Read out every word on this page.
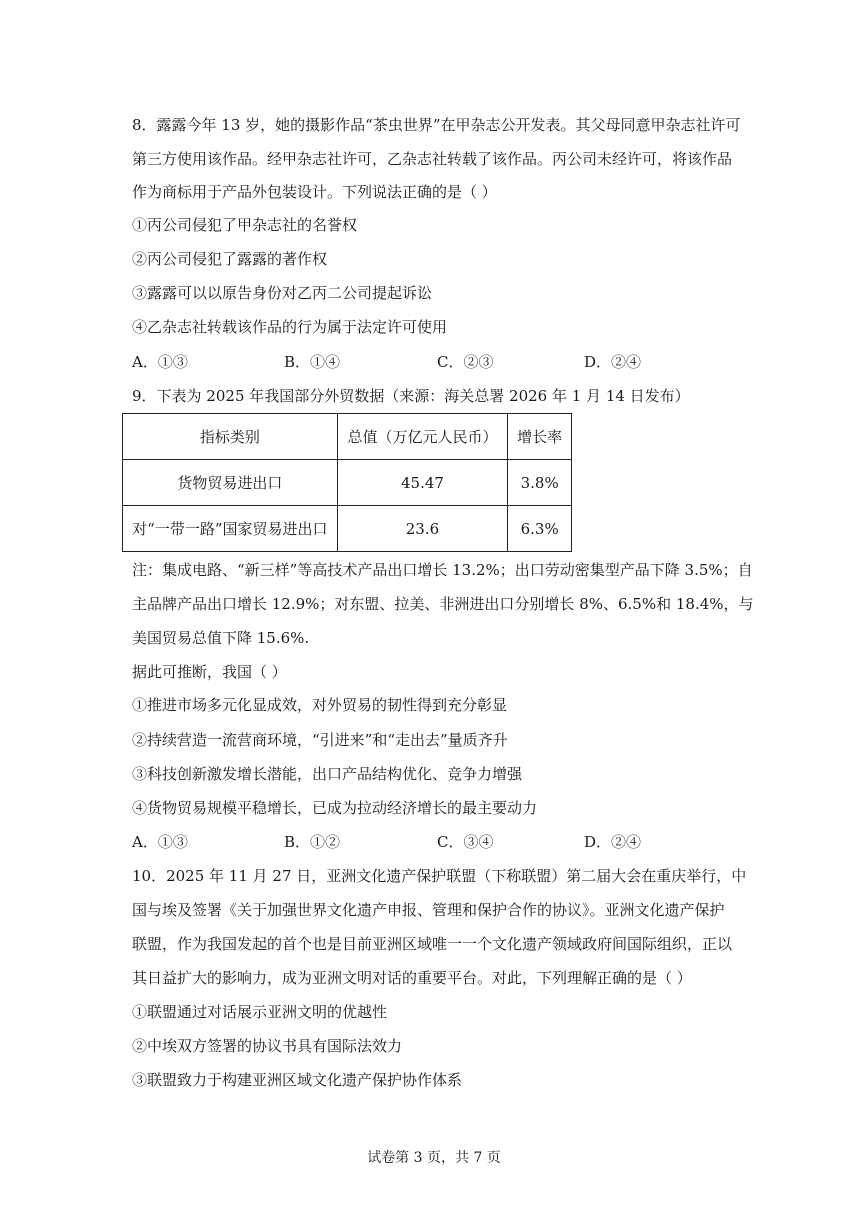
8．露露今年 13 岁，她的摄影作品“茶虫世界”在甲杂志公开发表。其父母同意甲杂志社许可
第三方使用该作品。经甲杂志社许可，乙杂志社转载了该作品。丙公司未经许可，将该作品
作为商标用于产品外包装设计。下列说法正确的是（ ）
①丙公司侵犯了甲杂志社的名誉权
②丙公司侵犯了露露的著作权
③露露可以以原告身份对乙丙二公司提起诉讼
④乙杂志社转载该作品的行为属于法定许可使用
A．①③	B．①④	C．②③	D．②④
9．下表为 2025 年我国部分外贸数据（来源：海关总署 2026 年 1 月 14 日发布）
指标类别	总值（万亿元人民币）	增长率
货物贸易进出口	45.47	3.8%
对“一带一路”国家贸易进出口	23.6	6.3%
注：集成电路、“新三样”等高技术产品出口增长 13.2%；出口劳动密集型产品下降 3.5%；自
主品牌产品出口增长 12.9%；对东盟、拉美、非洲进出口分别增长 8%、6.5%和 18.4%，与
美国贸易总值下降 15.6%.
据此可推断，我国（ ）
①推进市场多元化显成效，对外贸易的韧性得到充分彰显
②持续营造一流营商环境，“引进来”和“走出去”量质齐升
③科技创新激发增长潜能，出口产品结构优化、竞争力增强
④货物贸易规模平稳增长，已成为拉动经济增长的最主要动力
A．①③	B．①②	C．③④	D．②④
10．2025 年 11 月 27 日，亚洲文化遗产保护联盟（下称联盟）第二届大会在重庆举行，中
国与埃及签署《关于加强世界文化遗产申报、管理和保护合作的协议》。亚洲文化遗产保护
联盟，作为我国发起的首个也是目前亚洲区域唯一一个文化遗产领域政府间国际组织，正以
其日益扩大的影响力，成为亚洲文明对话的重要平台。对此，下列理解正确的是（ ）
①联盟通过对话展示亚洲文明的优越性
②中埃双方签署的协议书具有国际法效力
③联盟致力于构建亚洲区域文化遗产保护协作体系
试卷第 3 页，共 7 页
